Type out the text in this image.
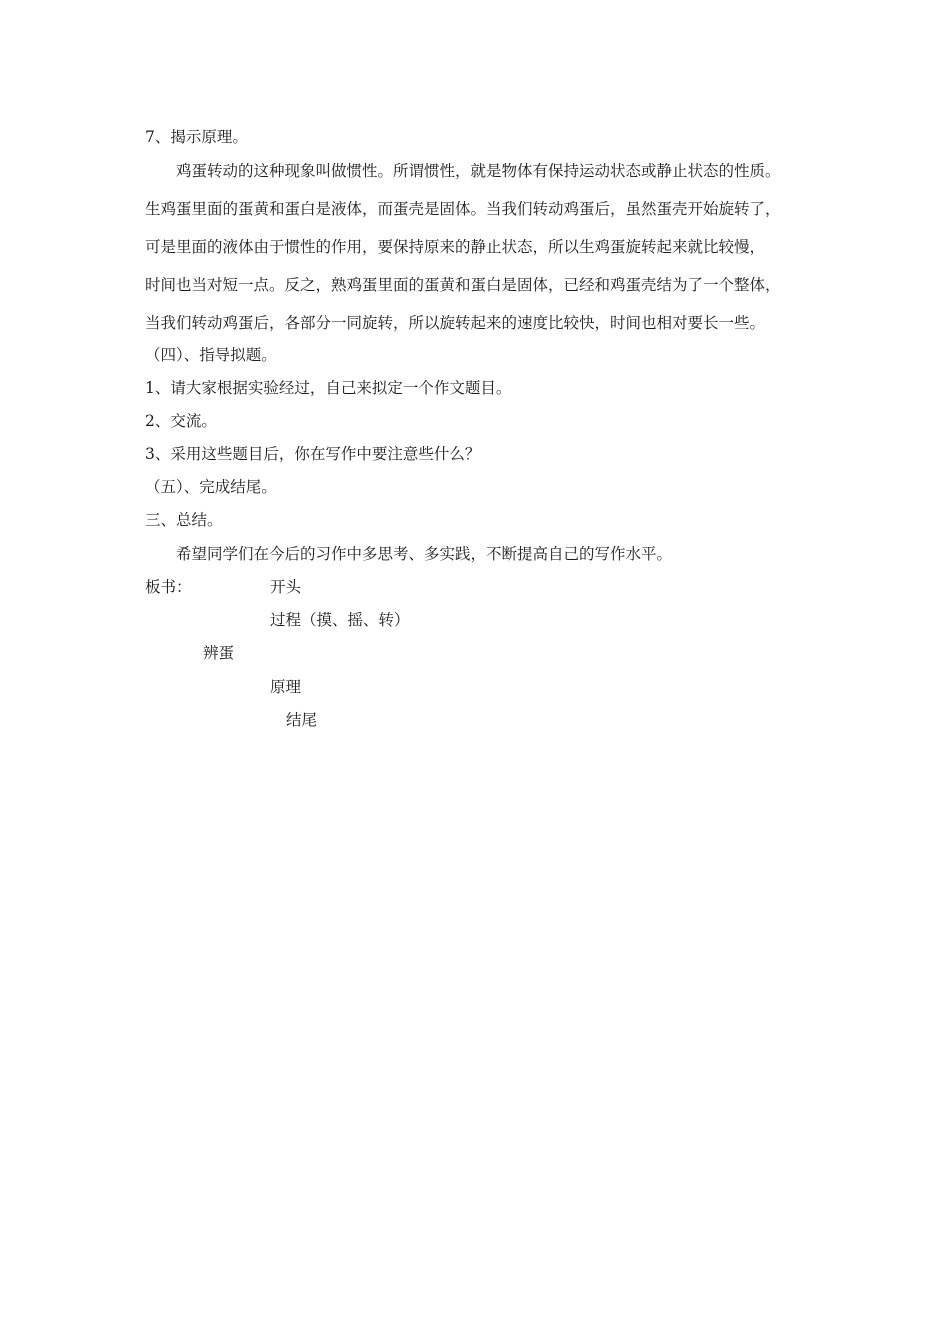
7、揭示原理。
鸡蛋转动的这种现象叫做惯性。所谓惯性，就是物体有保持运动状态或静止状态的性质。
生鸡蛋里面的蛋黄和蛋白是液体，而蛋壳是固体。当我们转动鸡蛋后，虽然蛋壳开始旋转了，
可是里面的液体由于惯性的作用，要保持原来的静止状态，所以生鸡蛋旋转起来就比较慢，
时间也当对短一点。反之，熟鸡蛋里面的蛋黄和蛋白是固体，已经和鸡蛋壳结为了一个整体，
当我们转动鸡蛋后，各部分一同旋转，所以旋转起来的速度比较快，时间也相对要长一些。
（四）、指导拟题。
1、请大家根据实验经过，自己来拟定一个作文题目。
2、交流。
3、采用这些题目后，你在写作中要注意些什么？
（五）、完成结尾。
三、总结。
希望同学们在今后的习作中多思考、多实践，不断提高自己的写作水平。
板书：	开头
过程（摸、摇、转）
辨蛋
原理
结尾
